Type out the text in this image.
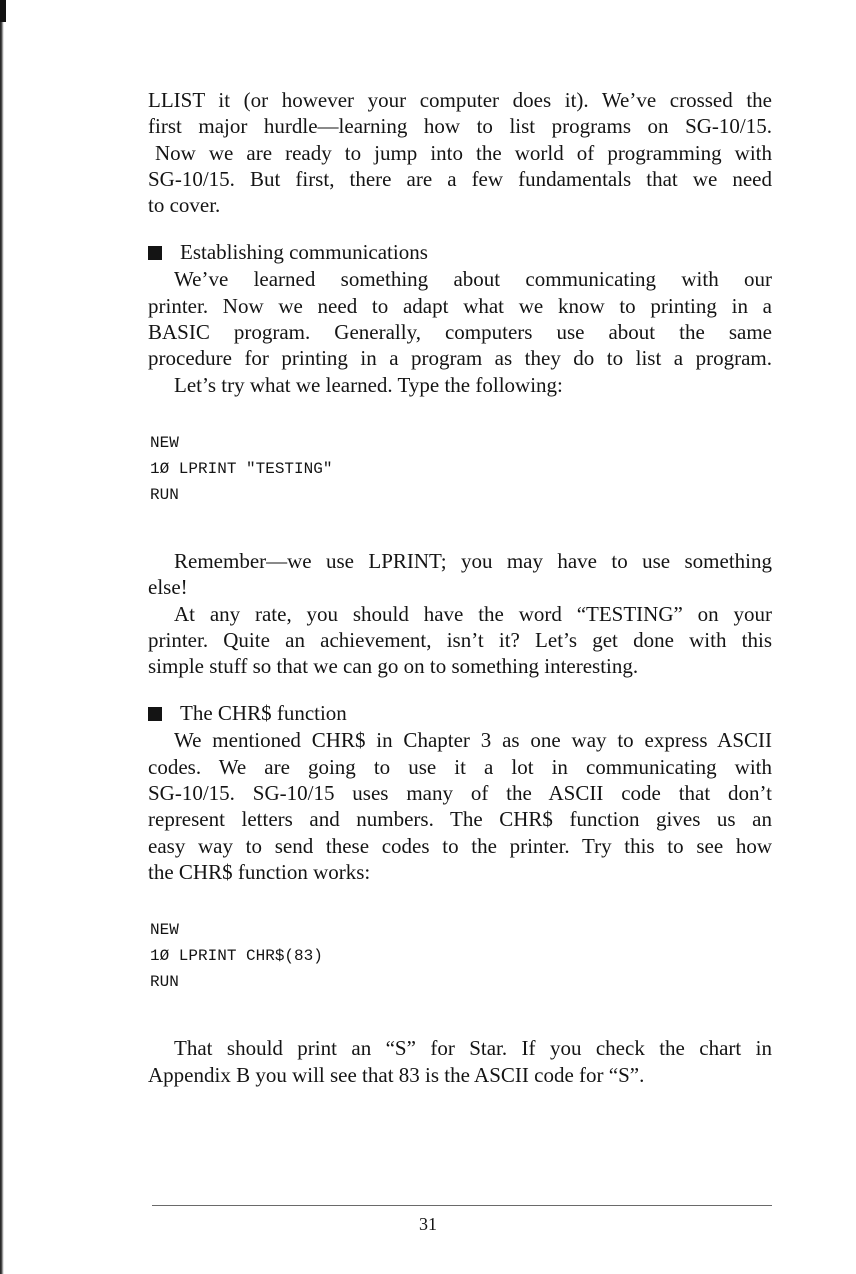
LLIST it (or however your computer does it). We’ve crossed the
first major hurdle—learning how to list programs on SG-10/15.
Now we are ready to jump into the world of programming with
SG-10/15. But first, there are a few fundamentals that we need
to cover.
Establishing communications
We’ve learned something about communicating with our
printer. Now we need to adapt what we know to printing in a
BASIC program. Generally, computers use about the same
procedure for printing in a program as they do to list a program.
Let’s try what we learned. Type the following:
NEW
1Ø LPRINT "TESTING"
RUN
Remember—we use LPRINT; you may have to use something
else!
At any rate, you should have the word “TESTING” on your
printer. Quite an achievement, isn’t it? Let’s get done with this
simple stuff so that we can go on to something interesting.
The CHR$ function
We mentioned CHR$ in Chapter 3 as one way to express ASCII
codes. We are going to use it a lot in communicating with
SG-10/15. SG-10/15 uses many of the ASCII code that don’t
represent letters and numbers. The CHR$ function gives us an
easy way to send these codes to the printer. Try this to see how
the CHR$ function works:
NEW
1Ø LPRINT CHR$(83)
RUN
That should print an “S” for Star. If you check the chart in
Appendix B you will see that 83 is the ASCII code for “S”.
31
